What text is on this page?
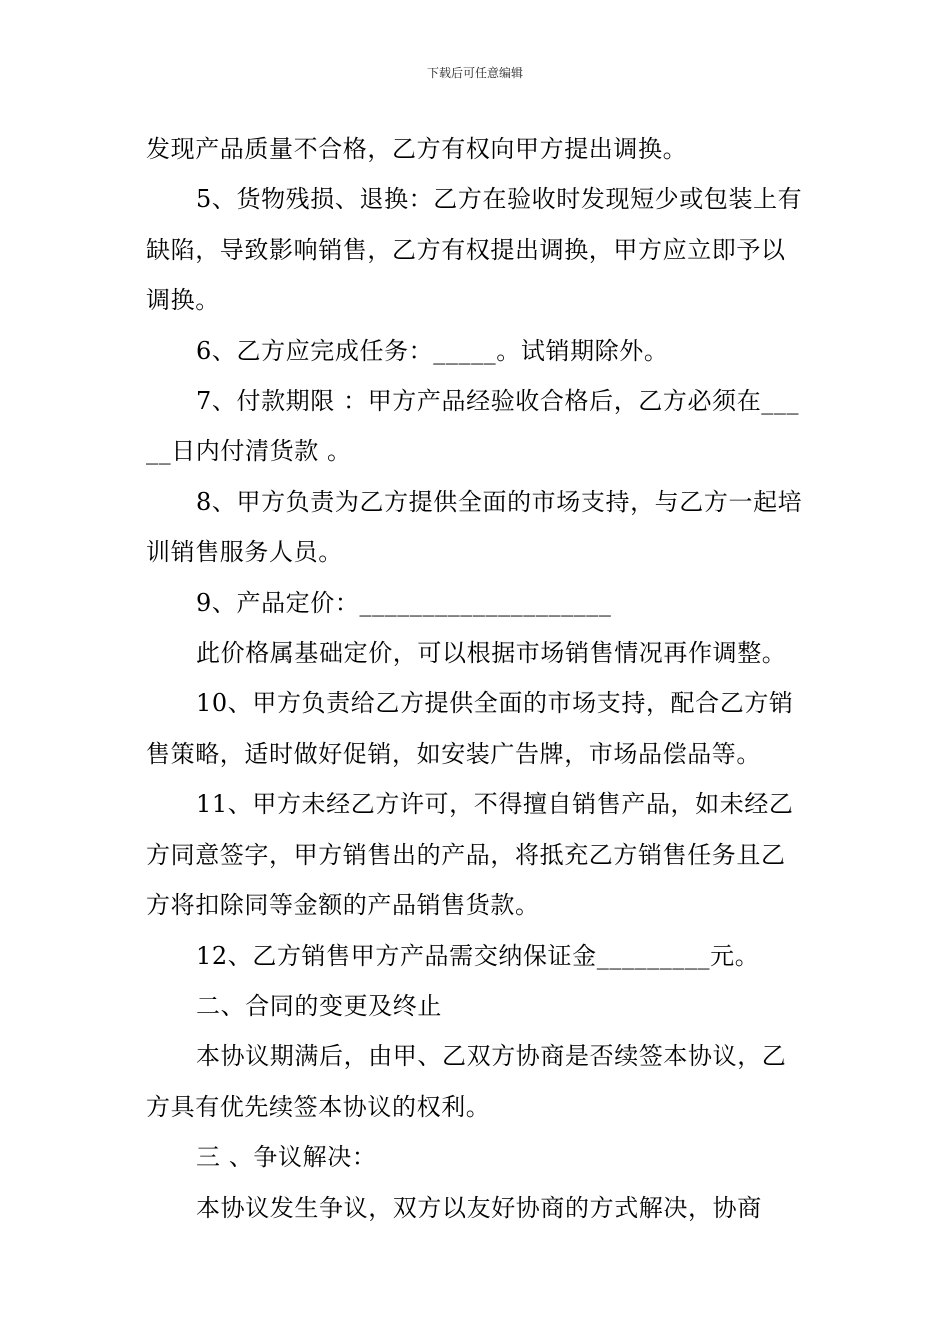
下载后可任意编辑

发现产品质量不合格，乙方有权向甲方提出调换。

5、货物残损、退换：乙方在验收时发现短少或包装上有缺陷，导致影响销售，乙方有权提出调换，甲方应立即予以调换。

6、乙方应完成任务：_____。试销期除外。

7、付款期限 ：甲方产品经验收合格后，乙方必须在_____日内付清货款 。

8、甲方负责为乙方提供全面的市场支持，与乙方一起培训销售服务人员。

9、产品定价：____________________

此价格属基础定价，可以根据市场销售情况再作调整。

10、甲方负责给乙方提供全面的市场支持，配合乙方销售策略，适时做好促销，如安装广告牌，市场品偿品等。

11、甲方未经乙方许可，不得擅自销售产品，如未经乙方同意签字，甲方销售出的产品，将抵充乙方销售任务且乙方将扣除同等金额的产品销售货款。

12、乙方销售甲方产品需交纳保证金_________元。

二、合同的变更及终止

本协议期满后，由甲、乙双方协商是否续签本协议，乙方具有优先续签本协议的权利。

三 、争议解决：

本协议发生争议，双方以友好协商的方式解决，协商
